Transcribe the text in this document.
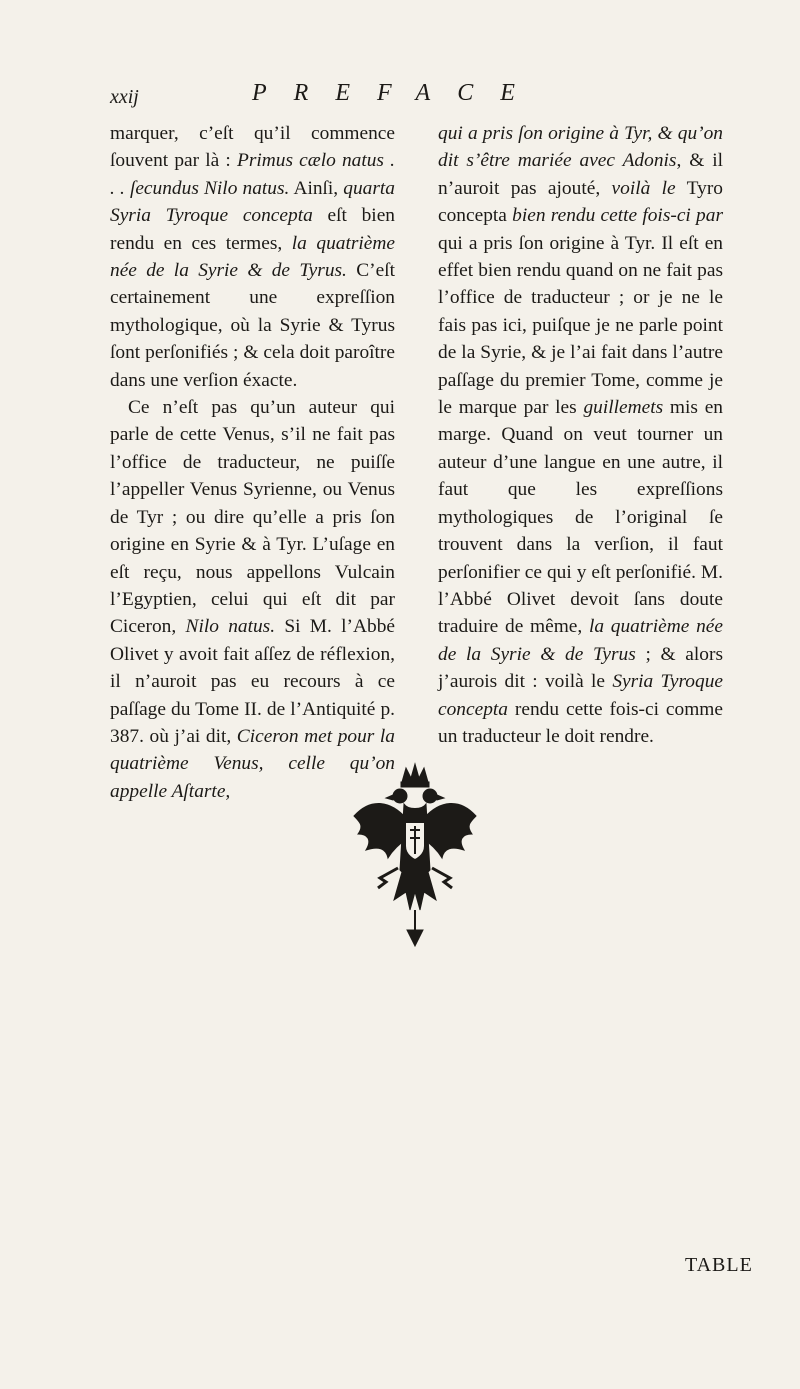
xxij	PREFACE

marquer, c’eſt qu’il commence ſouvent par là : Primus cælo natus . . . ſecundus Nilo natus. Ainſi, quarta Syria Tyroque concepta eſt bien rendu en ces termes, la quatrième née de la Syrie & de Tyrus. C’eſt certainement une expreſſion mythologique, où la Syrie & Tyrus ſont perſonifiés ; & cela doit paroître dans une verſion éxacte.

Ce n’eſt pas qu’un auteur qui parle de cette Venus, s’il ne fait pas l’office de traducteur, ne puiſſe l’appeller Venus Syrienne, ou Venus de Tyr ; ou dire qu’elle a pris ſon origine en Syrie & à Tyr. L’uſage en eſt reçu, nous appellons Vulcain l’Egyptien, celui qui eſt dit par Ciceron, Nilo natus. Si M. l’Abbé Olivet y avoit fait aſſez de réflexion, il n’auroit pas eu recours à ce paſſage du Tome II. de l’Antiquité p. 387. où j’ai dit, Ciceron met pour la quatrième Venus, celle qu’on appelle Aſtarte,

qui a pris ſon origine à Tyr, & qu’on dit s’être mariée avec Adonis, & il n’auroit pas ajouté, voilà le Tyro concepta bien rendu cette fois-ci par qui a pris ſon origine à Tyr. Il eſt en effet bien rendu quand on ne fait pas l’office de traducteur ; or je ne le fais pas ici, puiſque je ne parle point de la Syrie, & je l’ai fait dans l’autre paſſage du premier Tome, comme je le marque par les guillemets mis en marge. Quand on veut tourner un auteur d’une langue en une autre, il faut que les expreſſions mythologiques de l’original ſe trouvent dans la verſion, il faut perſonifier ce qui y eſt perſonifié. M. l’Abbé Olivet devoit ſans doute traduire de même, la quatrième née de la Syrie & de Tyrus ; & alors j’aurois dit : voilà le Syria Tyroque concepta rendu cette fois-ci comme un traducteur le doit rendre.

TABLE
